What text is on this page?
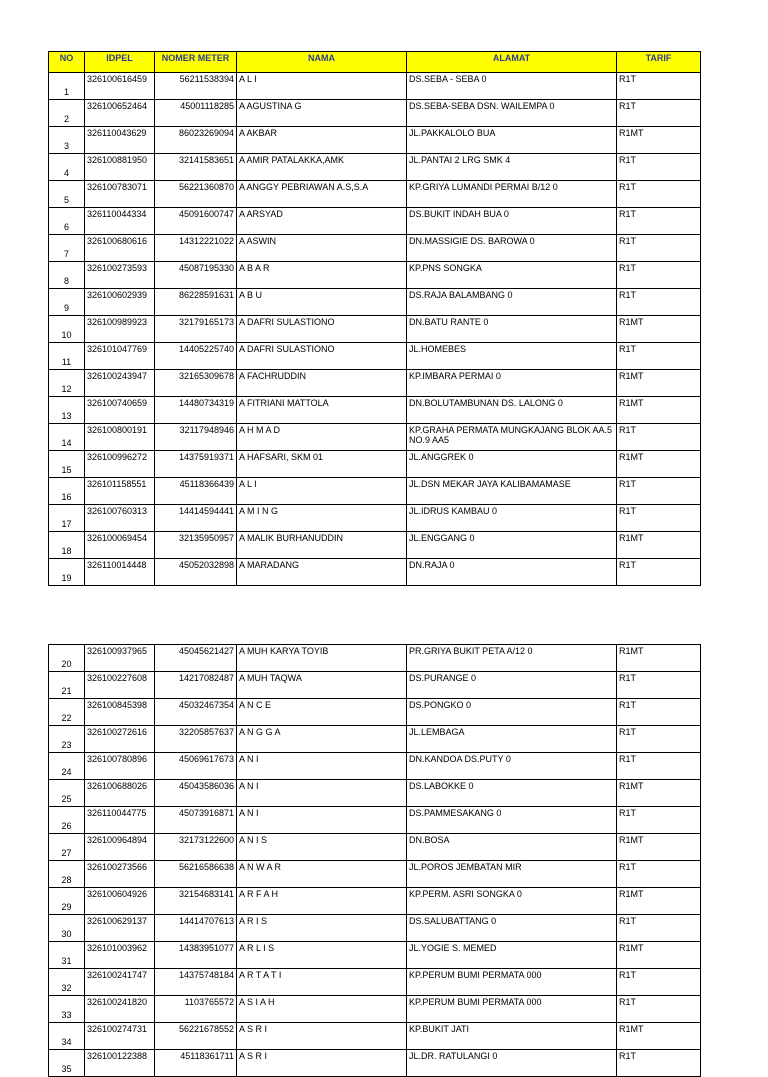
NO	IDPEL	NOMER METER	NAMA	ALAMAT	TARIF
1	326100616459	56211538394	A L I	DS.SEBA - SEBA 0	R1T
2	326100652464	45001118285	A AGUSTINA G	DS.SEBA-SEBA DSN. WAILEMPA 0	R1T
3	326110043629	86023269094	A AKBAR	JL.PAKKALOLO BUA	R1MT
4	326100881950	32141583651	A AMIR PATALAKKA,AMK	JL.PANTAI 2 LRG SMK 4	R1T
5	326100783071	56221360870	A ANGGY PEBRIAWAN A.S,S.A	KP.GRIYA LUMANDI PERMAI B/12 0	R1T
6	326110044334	45091600747	A ARSYAD	DS.BUKIT INDAH BUA 0	R1T
7	326100680616	14312221022	A ASWIN	DN.MASSIGIE DS. BAROWA 0	R1T
8	326100273593	45087195330	A B A R	KP.PNS SONGKA	R1T
9	326100602939	86228591631	A B U	DS.RAJA BALAMBANG 0	R1T
10	326100989923	32179165173	A DAFRI SULASTIONO	DN.BATU RANTE 0	R1MT
11	326101047769	14405225740	A DAFRI SULASTIONO	JL.HOMEBES	R1T
12	326100243947	32165309678	A FACHRUDDIN	KP.IMBARA PERMAI 0	R1MT
13	326100740659	14480734319	A FITRIANI MATTOLA	DN.BOLUTAMBUNAN DS. LALONG 0	R1MT
14	326100800191	32117948946	A H M A D	KP.GRAHA PERMATA MUNGKAJANG BLOK AA.5 NO.9 AA5	R1T
15	326100996272	14375919371	A HAFSARI, SKM 01	JL.ANGGREK 0	R1MT
16	326101158551	45118366439	A L I	JL.DSN MEKAR JAYA KALIBAMAMASE	R1T
17	326100760313	14414594441	A M I N G	JL.IDRUS KAMBAU 0	R1T
18	326100069454	32135950957	A MALIK BURHANUDDIN	JL.ENGGANG 0	R1MT
19	326110014448	45052032898	A MARADANG	DN.RAJA 0	R1T
20	326100937965	45045621427	A MUH KARYA TOYIB	PR.GRIYA BUKIT PETA A/12 0	R1MT
21	326100227608	14217082487	A MUH TAQWA	DS.PURANGE 0	R1T
22	326100845398	45032467354	A N C E	DS.PONGKO 0	R1T
23	326100272616	32205857637	A N G G A	JL.LEMBAGA	R1T
24	326100780896	45069617673	A N I	DN.KANDOA DS.PUTY 0	R1T
25	326100688026	45043586036	A N I	DS.LABOKKE 0	R1MT
26	326110044775	45073916871	A N I	DS.PAMMESAKANG 0	R1T
27	326100964894	32173122600	A N I S	DN.BOSA	R1MT
28	326100273566	56216586638	A N W A R	JL.POROS JEMBATAN MIR	R1T
29	326100604926	32154683141	A R F A H	KP.PERM. ASRI SONGKA 0	R1MT
30	326100629137	14414707613	A R I S	DS.SALUBATTANG 0	R1T
31	326101003962	14383951077	A R L I S	JL.YOGIE S. MEMED	R1MT
32	326100241747	14375748184	A R T A T I	KP.PERUM BUMI PERMATA 000	R1T
33	326100241820	1103765572	A S I A H	KP.PERUM BUMI PERMATA 000	R1T
34	326100274731	56221678552	A S R I	KP.BUKIT JATI	R1MT
35	326100122388	45118361711	A S R I	JL.DR. RATULANGI 0	R1T
